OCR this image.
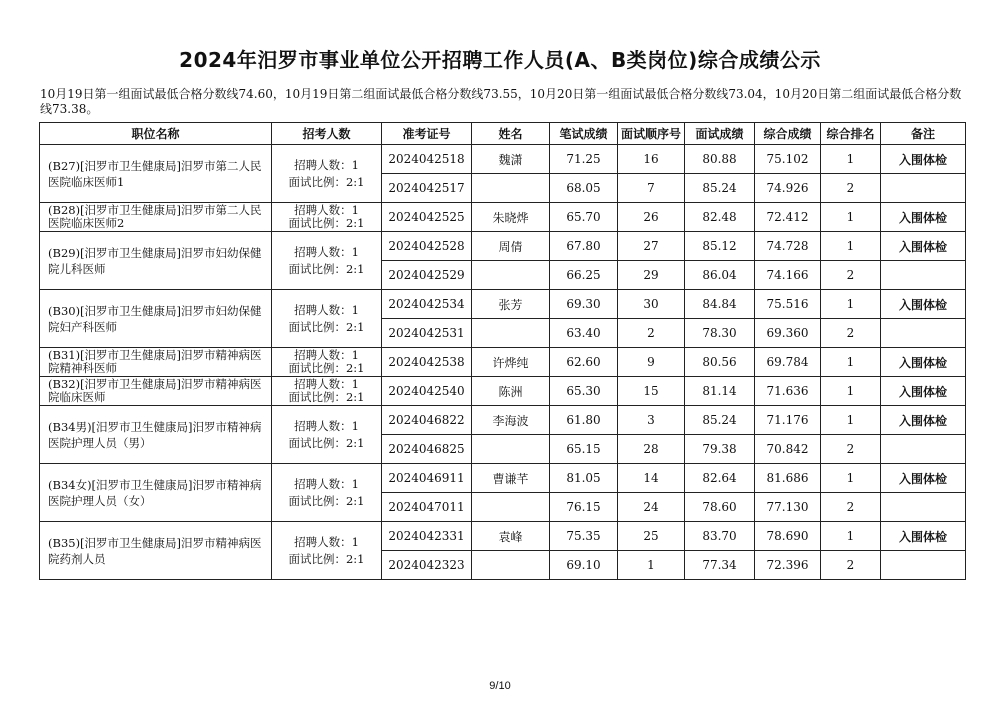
2024年汨罗市事业单位公开招聘工作人员(A、B类岗位)综合成绩公示
10月19日第一组面试最低合格分数线74.60，10月19日第二组面试最低合格分数线73.55，10月20日第一组面试最低合格分数线73.04，10月20日第二组面试最低合格分数线73.38。
职位名称	招考人数	准考证号	姓名	笔试成绩	面试顺序号	面试成绩	综合成绩	综合排名	备注
(B27)[汨罗市卫生健康局]汨罗市第二人民医院临床医师1	招聘人数：1
面试比例：2:1	2024042518	魏潇	71.25	16	80.88	75.102	1	入围体检
		2024042517		68.05	7	85.24	74.926	2	
(B28)[汨罗市卫生健康局]汨罗市第二人民医院临床医师2	招聘人数：1
面试比例：2:1	2024042525	朱晓烨	65.70	26	82.48	72.412	1	入围体检
(B29)[汨罗市卫生健康局]汨罗市妇幼保健院儿科医师	招聘人数：1
面试比例：2:1	2024042528	周倩	67.80	27	85.12	74.728	1	入围体检
		2024042529		66.25	29	86.04	74.166	2	
(B30)[汨罗市卫生健康局]汨罗市妇幼保健院妇产科医师	招聘人数：1
面试比例：2:1	2024042534	张芳	69.30	30	84.84	75.516	1	入围体检
		2024042531		63.40	2	78.30	69.360	2	
(B31)[汨罗市卫生健康局]汨罗市精神病医院精神科医师	招聘人数：1
面试比例：2:1	2024042538	许烨纯	62.60	9	80.56	69.784	1	入围体检
(B32)[汨罗市卫生健康局]汨罗市精神病医院临床医师	招聘人数：1
面试比例：2:1	2024042540	陈洲	65.30	15	81.14	71.636	1	入围体检
(B34男)[汨罗市卫生健康局]汨罗市精神病医院护理人员（男）	招聘人数：1
面试比例：2:1	2024046822	李海波	61.80	3	85.24	71.176	1	入围体检
		2024046825		65.15	28	79.38	70.842	2	
(B34女)[汨罗市卫生健康局]汨罗市精神病医院护理人员（女）	招聘人数：1
面试比例：2:1	2024046911	曹谦芊	81.05	14	82.64	81.686	1	入围体检
		2024047011		76.15	24	78.60	77.130	2	
(B35)[汨罗市卫生健康局]汨罗市精神病医院药剂人员	招聘人数：1
面试比例：2:1	2024042331	袁峰	75.35	25	83.70	78.690	1	入围体检
		2024042323		69.10	1	77.34	72.396	2	
9/10
